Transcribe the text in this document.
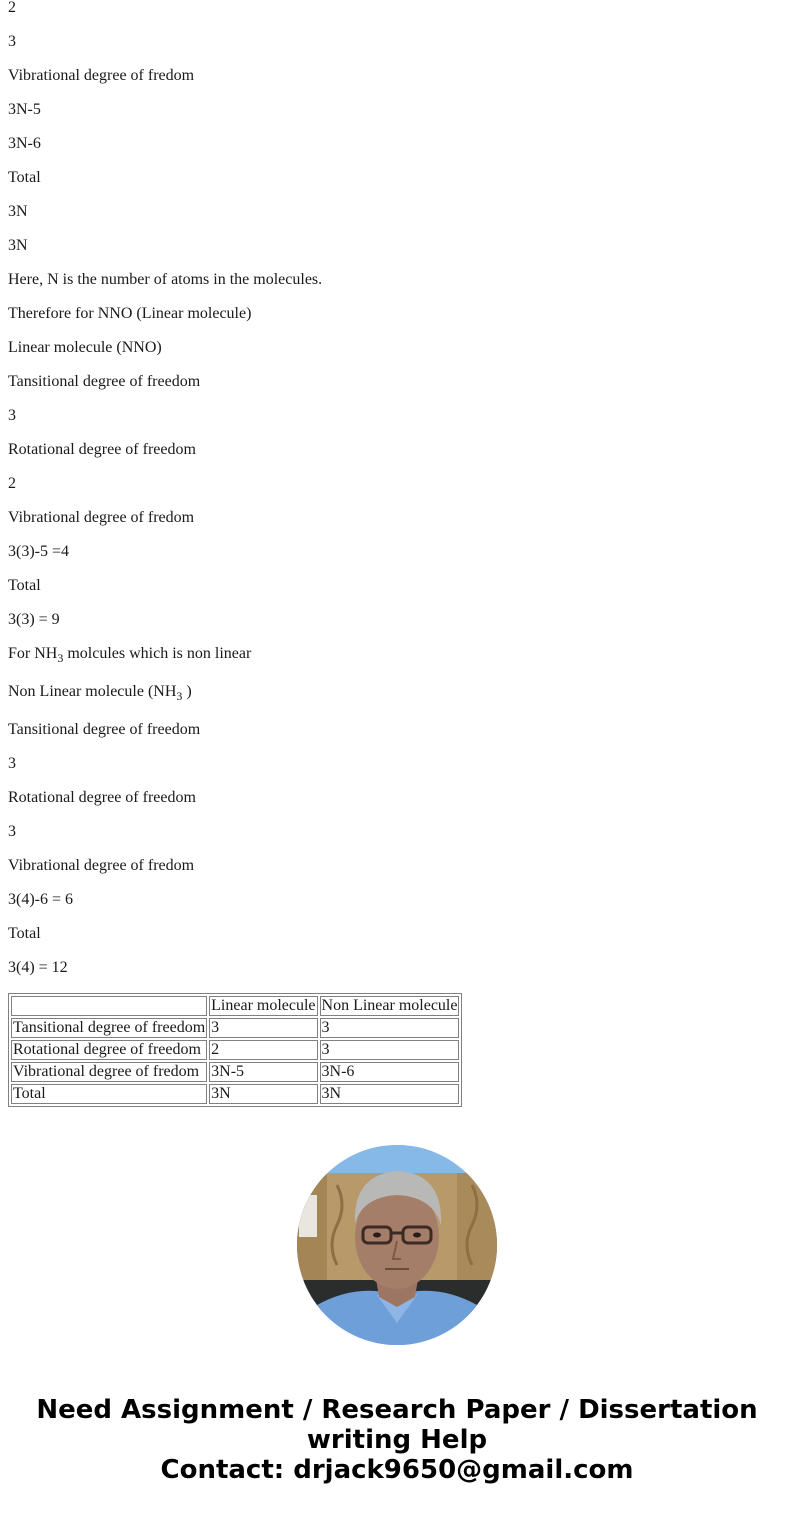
2

3

Vibrational degree of fredom

3N-5

3N-6

Total

3N

3N

Here, N is the number of atoms in the molecules.

Therefore for NNO (Linear molecule)

Linear molecule (NNO)

Tansitional degree of freedom

3

Rotational degree of freedom

2

Vibrational degree of fredom

3(3)-5 =4

Total

3(3) = 9

For $NH_3$ molcules which is non linear

Non Linear molecule ($NH_3$ )

Tansitional degree of freedom

3

Rotational degree of freedom

3

Vibrational degree of fredom

3(4)-6 = 6

Total

3(4) = 12

	Linear molecule	Non Linear molecule
Tansitional degree of freedom	3	3
Rotational degree of freedom	2	3
Vibrational degree of fredom	3N-5	3N-6
Total	3N	3N
Need Assignment / Research Paper / Dissertation
writing Help
Contact: drjack9650@gmail.com
